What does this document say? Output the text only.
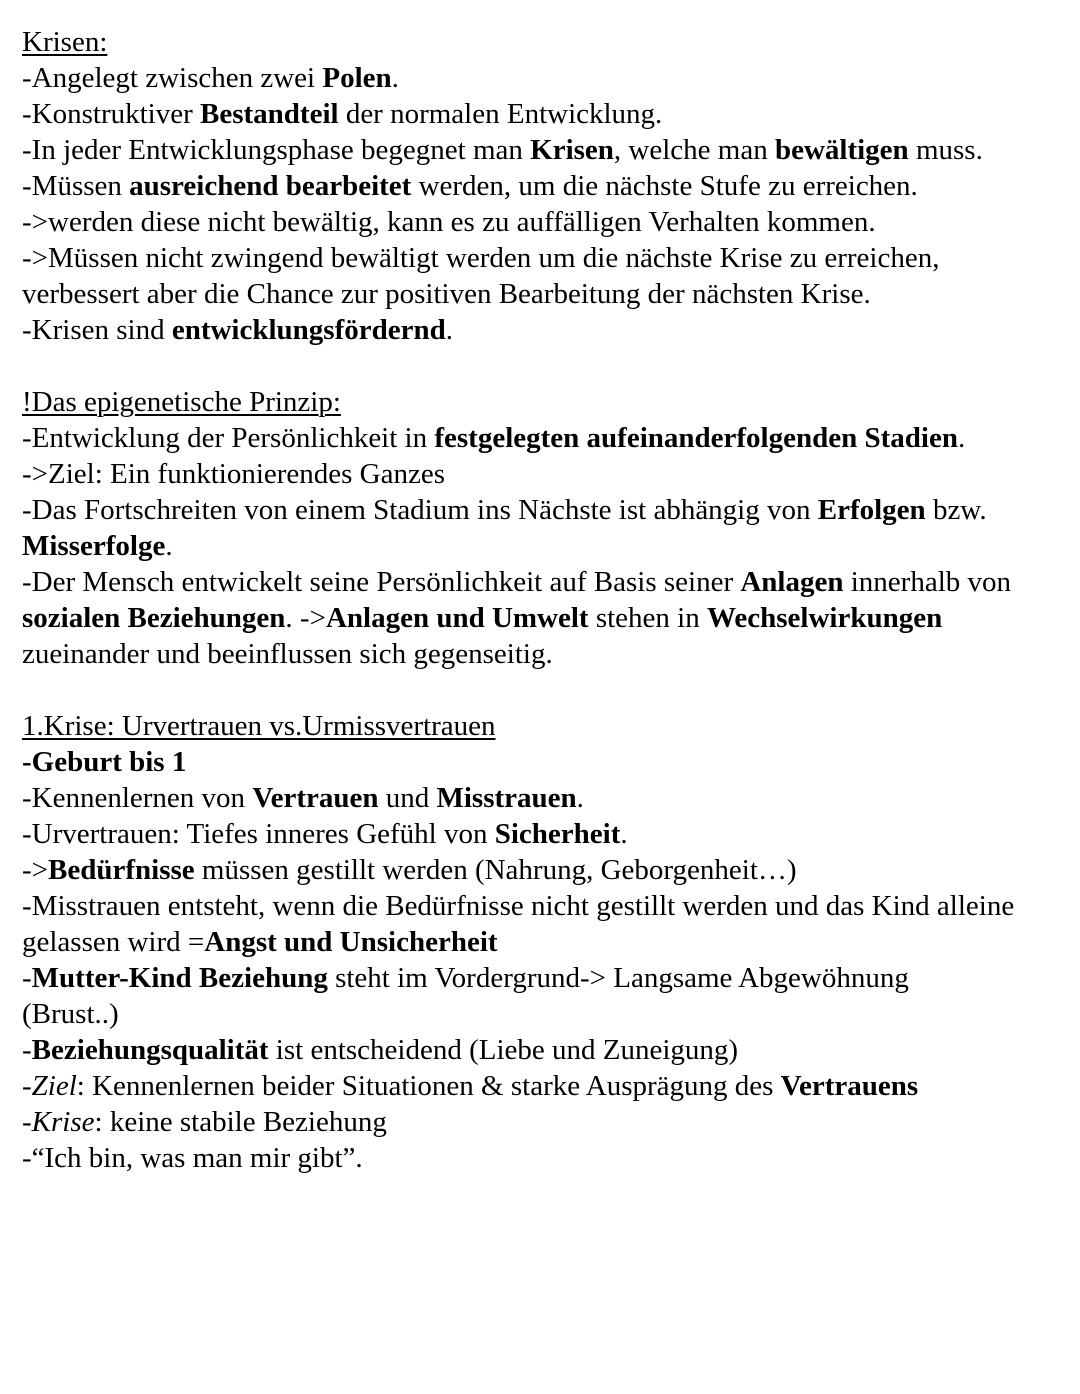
Krisen:
-Angelegt zwischen zwei Polen.
-Konstruktiver Bestandteil der normalen Entwicklung.
-In jeder Entwicklungsphase begegnet man Krisen, welche man bewältigen muss.
-Müssen ausreichend bearbeitet werden, um die nächste Stufe zu erreichen.
->werden diese nicht bewältig, kann es zu auffälligen Verhalten kommen.
->Müssen nicht zwingend bewältigt werden um die nächste Krise zu erreichen, verbessert aber die Chance zur positiven Bearbeitung der nächsten Krise.
-Krisen sind entwicklungsfördernd.
!Das epigenetische Prinzip:
-Entwicklung der Persönlichkeit in festgelegten aufeinanderfolgenden Stadien.
->Ziel: Ein funktionierendes Ganzes
-Das Fortschreiten von einem Stadium ins Nächste ist abhängig von Erfolgen bzw. Misserfolge.
-Der Mensch entwickelt seine Persönlichkeit auf Basis seiner Anlagen innerhalb von sozialen Beziehungen. ->Anlagen und Umwelt stehen in Wechselwirkungen zueinander und beeinflussen sich gegenseitig.
1.Krise: Urvertrauen vs.Urmissvertrauen
-Geburt bis 1
-Kennenlernen von Vertrauen und Misstrauen.
-Urvertrauen: Tiefes inneres Gefühl von Sicherheit.
->Bedürfnisse müssen gestillt werden (Nahrung, Geborgenheit…)
-Misstrauen entsteht, wenn die Bedürfnisse nicht gestillt werden und das Kind alleine gelassen wird =Angst und Unsicherheit
-Mutter-Kind Beziehung steht im Vordergrund-> Langsame Abgewöhnung (Brust..)
-Beziehungsqualität ist entscheidend (Liebe und Zuneigung)
-Ziel: Kennenlernen beider Situationen & starke Ausprägung des Vertrauens
-Krise: keine stabile Beziehung
-“Ich bin, was man mir gibt”.
